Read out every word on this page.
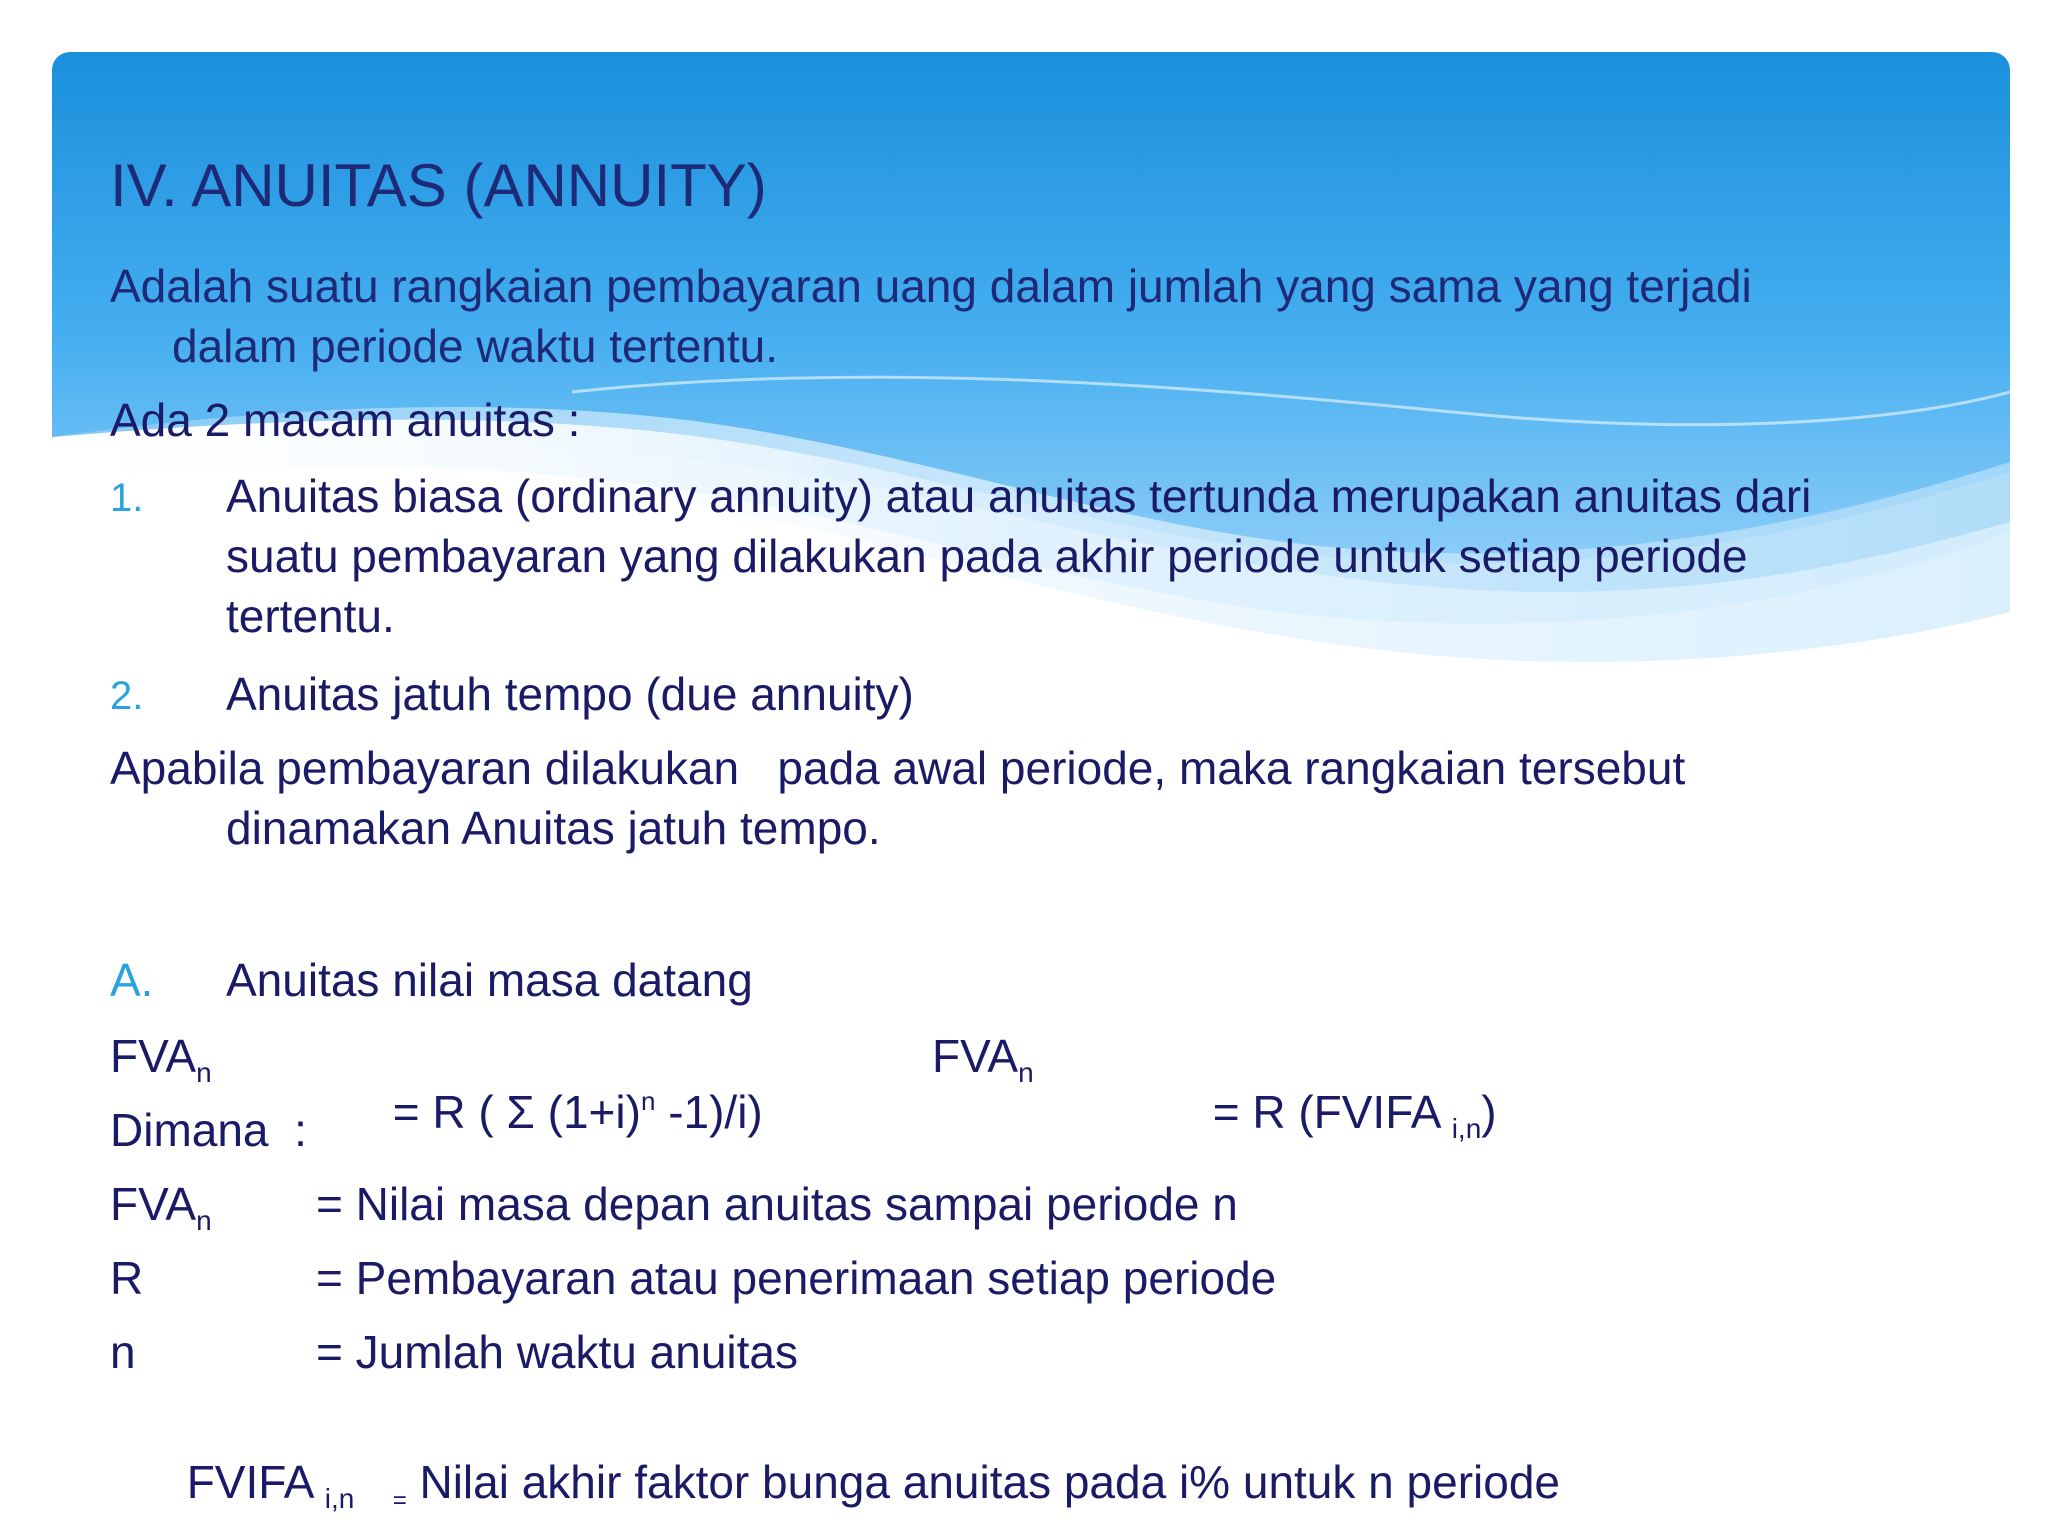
IV. ANUITAS (ANNUITY)
Adalah suatu rangkaian pembayaran uang dalam jumlah yang sama yang terjadi
dalam periode waktu tertentu.
Ada 2 macam anuitas :
1. Anuitas biasa (ordinary annuity) atau anuitas tertunda merupakan anuitas dari
suatu pembayaran yang dilakukan pada akhir periode untuk setiap periode
tertentu.
2. Anuitas jatuh tempo (due annuity)
Apabila pembayaran dilakukan   pada awal periode, maka rangkaian tersebut
dinamakan Anuitas jatuh tempo.
A. Anuitas nilai masa datang
$FVA_n$

= R ( Σ $(1+i)^n$ -1)/i)

$FVA_n$

= R (FVIFA $_{i,n}$)

Dimana  :
$FVA_n$ = Nilai masa depan anuitas sampai periode n
R	= Pembayaran atau penerimaan setiap periode
n	= Jumlah waktu anuitas

FVIFA $_{i,n}$
	$_=$ Nilai akhir faktor bunga anuitas pada i% untuk n periode
